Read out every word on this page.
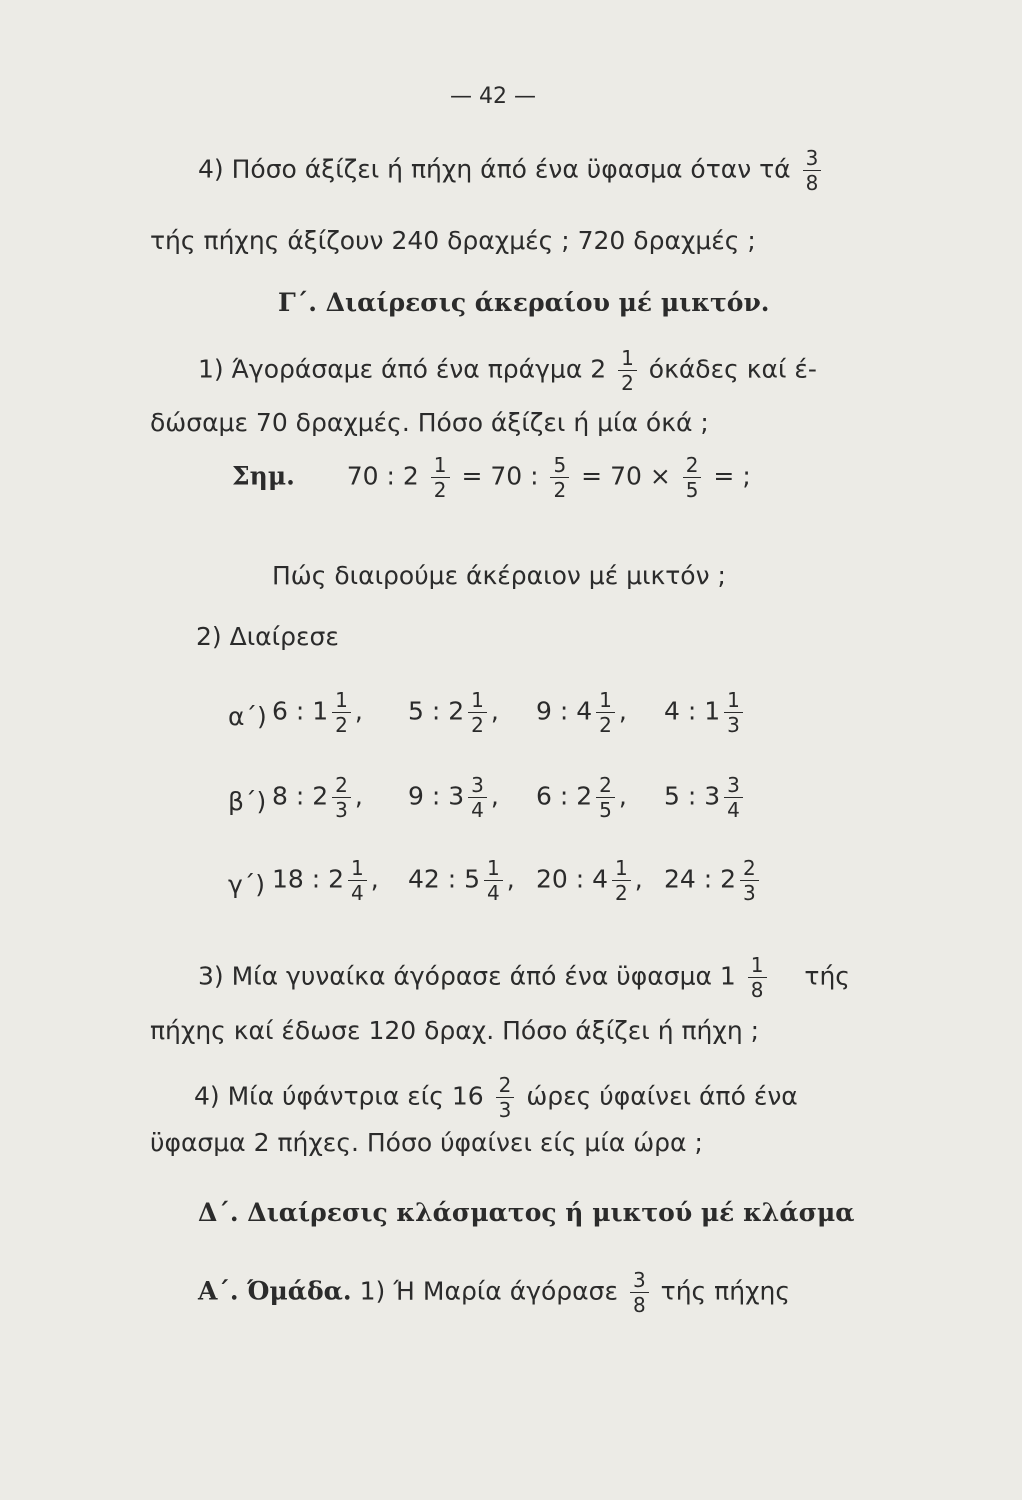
— 42 —
4) Πόσο άξίζει ή πήχη άπό ένα ϋφασμα όταν τά $\frac{3}{8}$
τής πήχης άξίζουν 240 δραχμές ; 720 δραχμές ;
Γ΄. Διαίρεσις άκεραίου μέ μικτόν.
1) Άγοράσαμε άπό ένα πράγμα $2 \frac{1}{2}$ όκάδες καί έ-
δώσαμε 70 δραχμές. Πόσο άξίζει ή μία όκά ;
Σημ. 70 : $2 \frac{1}{2} = 70$ : $\frac{5}{2} = 70 \times \frac{2}{5}$ = ;
Πώς διαιρούμε άκέραιον μέ μικτόν ;
2) Διαίρεσε
α΄) 6 : $1 \frac{1}{2}$ , 5 : $2 \frac{1}{2}$ , 9 : $4 \frac{1}{2}$ , 4 : $1 \frac{1}{3}$
β΄) 8 : $2 \frac{2}{3}$ , 9 : $3 \frac{3}{4}$ , 6 : $2 \frac{2}{5}$ , 5 : $3 \frac{3}{4}$
γ΄) 18 : $2 \frac{1}{4}$ , 42 : $5 \frac{1}{4}$ , 20 : $4 \frac{1}{2}$ , 24 : $2 \frac{2}{3}$
3) Μία γυναίκα άγόρασε άπό ένα ϋφασμα $1 \frac{1}{8}$ τής
πήχης καί έδωσε 120 δραχ. Πόσο άξίζει ή πήχη ;
4) Μία ύφάντρια είς $16 \frac{2}{3}$ ώρες ύφαίνει άπό ένα
ϋφασμα 2 πήχες. Πόσο ύφαίνει είς μία ώρα ;
Δ΄. Διαίρεσις κλάσματος ή μικτού μέ κλάσμα
Α΄. Όμάδα. 1) Ή Μαρία άγόρασε $\frac{3}{8}$ τής πήχης
